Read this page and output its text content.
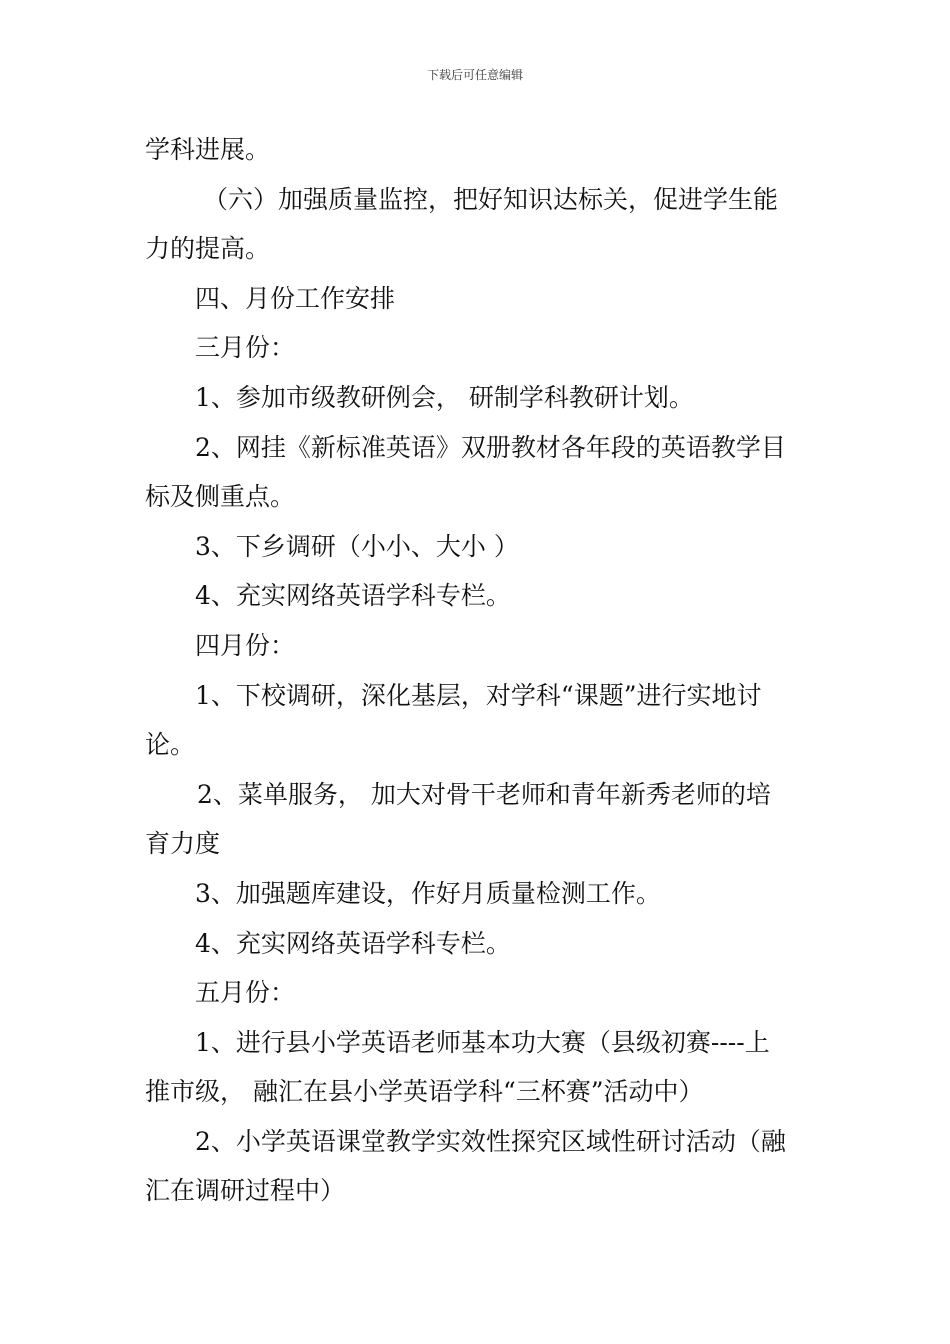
下载后可任意编辑
学科进展。
（六）加强质量监控，把好知识达标关，促进学生能
力的提高。
四、月份工作安排
三月份：
1、参加市级教研例会， 研制学科教研计划。
2、网挂《新标准英语》双册教材各年段的英语教学目
标及侧重点。
3、下乡调研（小小、大小 ）
4、充实网络英语学科专栏。
四月份：
1、下校调研，深化基层，对学科“课题”进行实地讨
论。
2、菜单服务， 加大对骨干老师和青年新秀老师的培
育力度
3、加强题库建设，作好月质量检测工作。
4、充实网络英语学科专栏。
五月份：
1、进行县小学英语老师基本功大赛（县级初赛----上
推市级， 融汇在县小学英语学科“三杯赛”活动中）
2、小学英语课堂教学实效性探究区域性研讨活动（融
汇在调研过程中）
